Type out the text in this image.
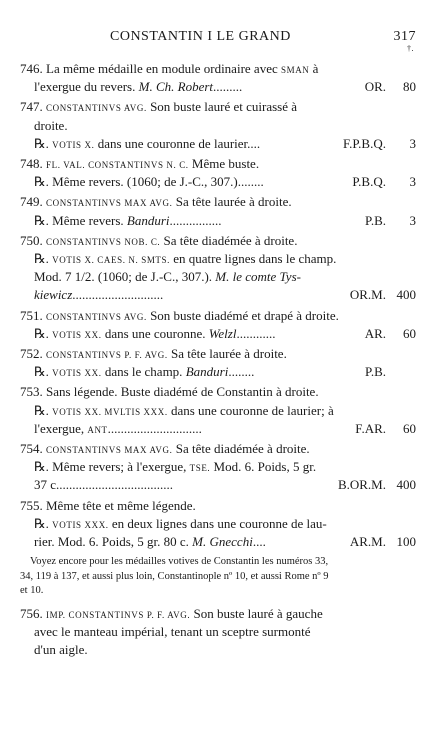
CONSTANTIN I LE GRAND	317
†.
746. La même médaille en module ordinaire avec SMAN à
l'exergue du revers. M. Ch. Robert.........	OR. 80
747. CONSTANTINVS AVG. Son buste lauré et cuirassé à
droite.
℞. VOTIS X. dans une couronne de laurier....	F.P.B.Q. 3
748. FL. VAL. CONSTANTINVS N. C. Même buste.
℞. Même revers. (1060; de J.-C., 307.)........	P.B.Q. 3
749. CONSTANTINVS MAX AVG. Sa tête laurée à droite.
℞. Même revers. Banduri................	P.B. 3
750. CONSTANTINVS NOB. C. Sa tête diadémée à droite.
℞. VOTIS X. CAES. N. SMTS. en quatre lignes dans le champ.
Mod. 7 1/2. (1060; de J.-C., 307.). M. le comte Tys-
kiewicz............................	OR.M. 400
751. CONSTANTINVS AVG. Son buste diadémé et drapé à droite.
℞. VOTIS XX. dans une couronne. Welzl............	AR. 60
752. CONSTANTINVS P. F. AVG. Sa tête laurée à droite.
℞. VOTIS XX. dans le champ. Banduri........	P.B.
753. Sans légende. Buste diadémé de Constantin à droite.
℞. VOTIS XX. MVLTIS XXX. dans une couronne de laurier; à
l'exergue, ANT.............................	F.AR. 60
754. CONSTANTINVS MAX AVG. Sa tête diadémée à droite.
℞. Même revers; à l'exergue, TSE. Mod. 6. Poids, 5 gr.
37 c....................................	B.OR.M. 400
755. Même tête et même légende.
℞. VOTIS XXX. en deux lignes dans une couronne de lau-
rier. Mod. 6. Poids, 5 gr. 80 c. M. Gnecchi....	AR.M. 100
Voyez encore pour les médailles votives de Constantin les numéros 33,
34, 119 à 137, et aussi plus loin, Constantinople nº 10, et aussi Rome nº 9
et 10.
756. IMP. CONSTANTINVS P. F. AVG. Son buste lauré à gauche
avec le manteau impérial, tenant un sceptre surmonté
d'un aigle.
